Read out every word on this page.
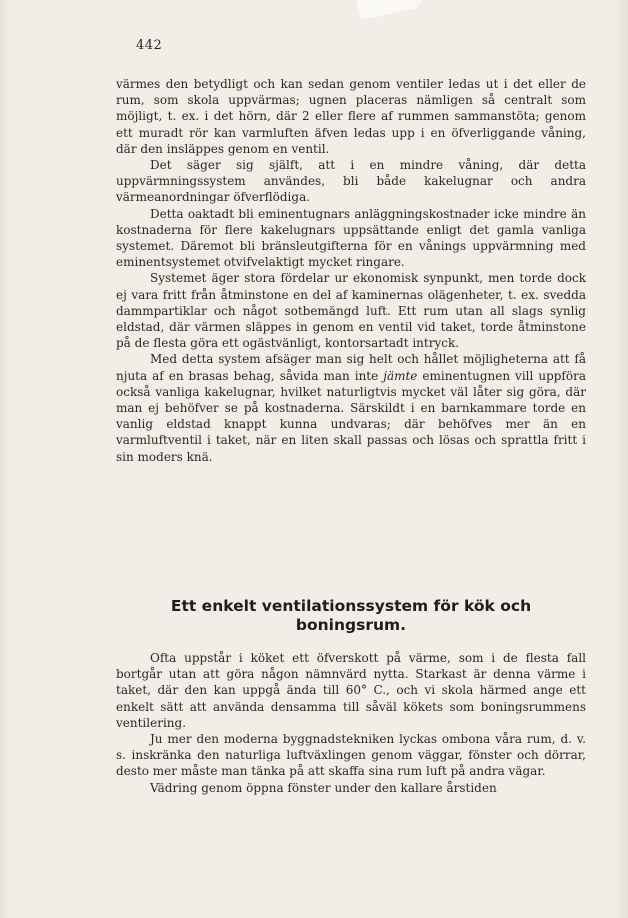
442

värmes den betydligt och kan sedan genom ventiler ledas ut i det eller de rum, som skola uppvärmas; ugnen placeras nämligen så centralt som möjligt, t. ex. i det hörn, där 2 eller flere af rummen sammanstöta; genom ett muradt rör kan varmluften äfven ledas upp i en öfverliggande våning, där den insläppes genom en ventil.

Det säger sig själft, att i en mindre våning, där detta uppvärmningssystem användes, bli både kakelugnar och andra värmeanordningar öfverflödiga.

Detta oaktadt bli eminentugnars anläggningskostnader icke mindre än kostnaderna för flere kakelugnars uppsättande enligt det gamla vanliga systemet. Däremot bli bränsleutgifterna för en vånings uppvärmning med eminentsystemet otvifvelaktigt mycket ringare.

Systemet äger stora fördelar ur ekonomisk synpunkt, men torde dock ej vara fritt från åtminstone en del af kaminernas olägenheter, t. ex. svedda dammpartiklar och något sotbemängd luft. Ett rum utan all slags synlig eldstad, där värmen släppes in genom en ventil vid taket, torde åtminstone på de flesta göra ett ogästvänligt, kontorsartadt intryck.

Med detta system afsäger man sig helt och hållet möjligheterna att få njuta af en brasas behag, såvida man inte jämte eminentugnen vill uppföra också vanliga kakelugnar, hvilket naturligtvis mycket väl låter sig göra, där man ej behöfver se på kostnaderna. Särskildt i en barnkammare torde en vanlig eldstad knappt kunna undvaras; där behöfves mer än en varmluftventil i taket, när en liten skall passas och lösas och sprattla fritt i sin moders knä.

Ett enkelt ventilationssystem för kök och boningsrum.

Ofta uppstår i köket ett öfverskott på värme, som i de flesta fall bortgår utan att göra någon nämnvärd nytta. Starkast är denna värme i taket, där den kan uppgå ända till 60° C., och vi skola härmed ange ett enkelt sätt att använda densamma till såväl kökets som boningsrummens ventilering.

Ju mer den moderna byggnadstekniken lyckas ombona våra rum, d. v. s. inskränka den naturliga luftväxlingen genom väggar, fönster och dörrar, desto mer måste man tänka på att skaffa sina rum luft på andra vägar.

Vädring genom öppna fönster under den kallare årstiden
